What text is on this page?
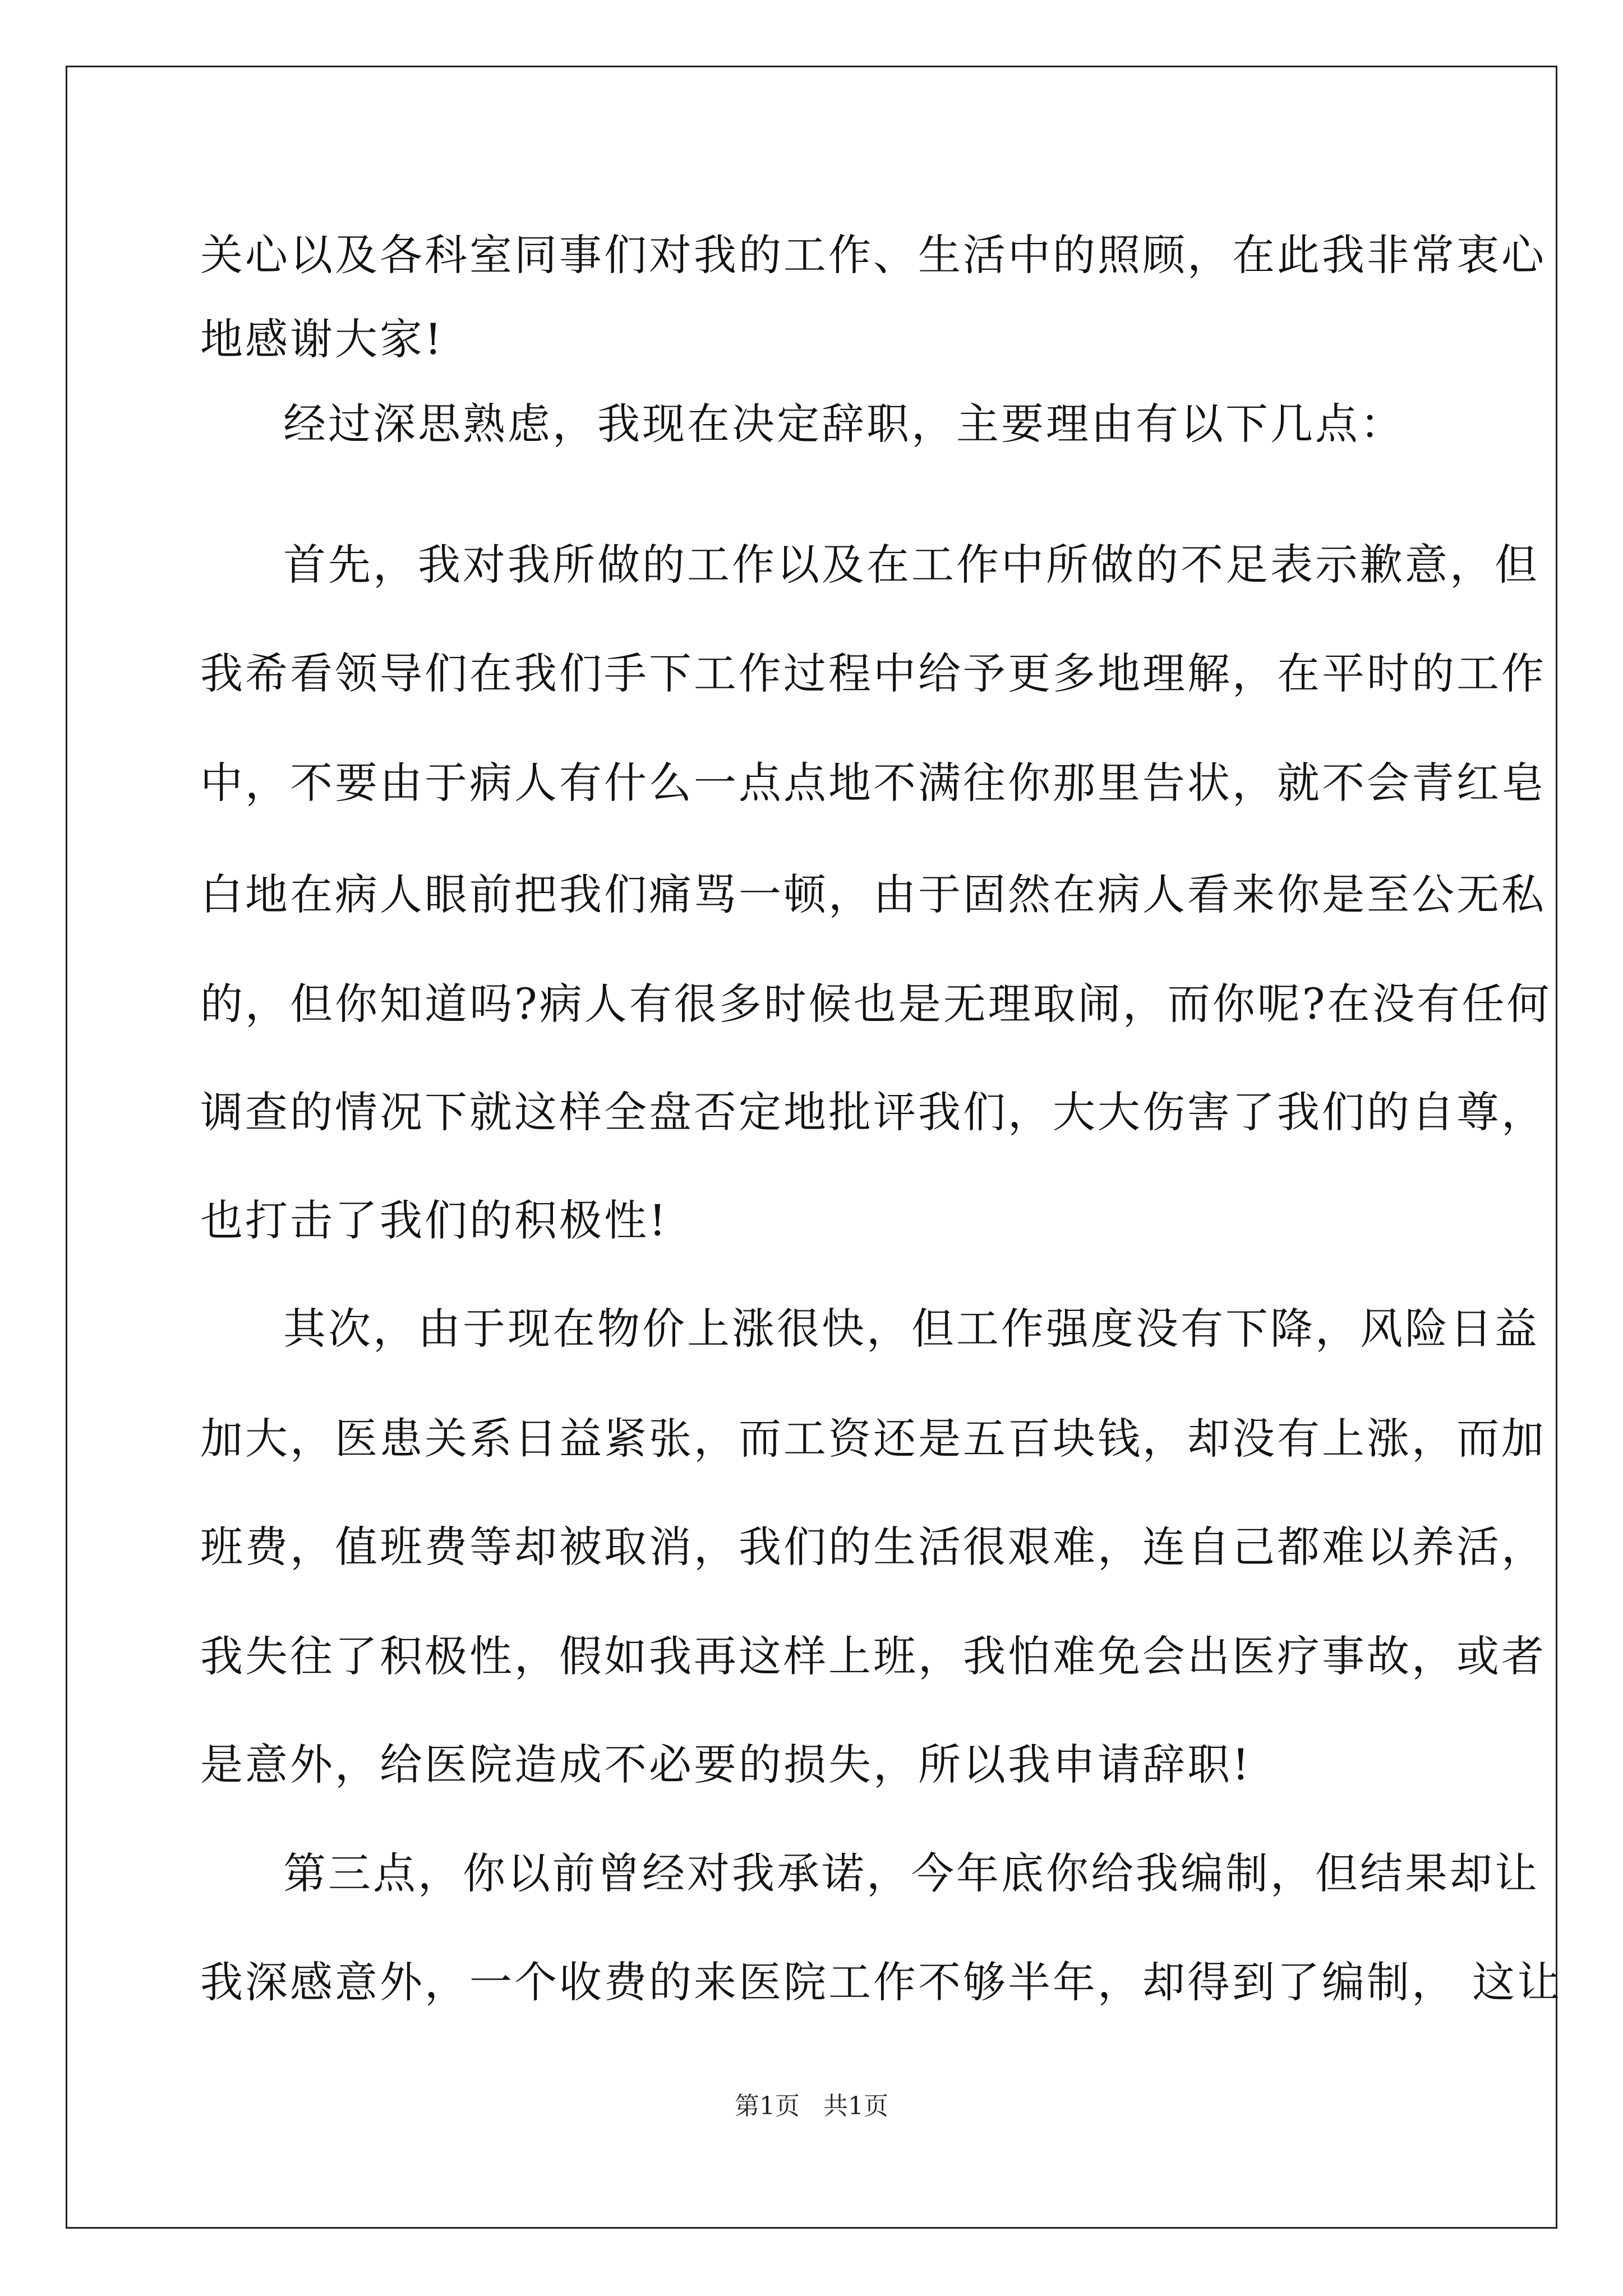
关心以及各科室同事们对我的工作、生活中的照顾，在此我非常衷心
地感谢大家!
经过深思熟虑，我现在决定辞职，主要理由有以下几点：
首先，我对我所做的工作以及在工作中所做的不足表示歉意，但
我希看领导们在我们手下工作过程中给予更多地理解，在平时的工作
中，不要由于病人有什么一点点地不满往你那里告状，就不会青红皂
白地在病人眼前把我们痛骂一顿，由于固然在病人看来你是至公无私
的，但你知道吗?病人有很多时候也是无理取闹，而你呢?在没有任何
调查的情况下就这样全盘否定地批评我们，大大伤害了我们的自尊，
也打击了我们的积极性!
其次，由于现在物价上涨很快，但工作强度没有下降，风险日益
加大，医患关系日益紧张，而工资还是五百块钱，却没有上涨，而加
班费，值班费等却被取消，我们的生活很艰难，连自己都难以养活，
我失往了积极性，假如我再这样上班，我怕难免会出医疗事故，或者
是意外，给医院造成不必要的损失，所以我申请辞职!
第三点，你以前曾经对我承诺，今年底你给我编制，但结果却让
我深感意外，一个收费的来医院工作不够半年，却得到了编制， 这让
第1页 共1页
